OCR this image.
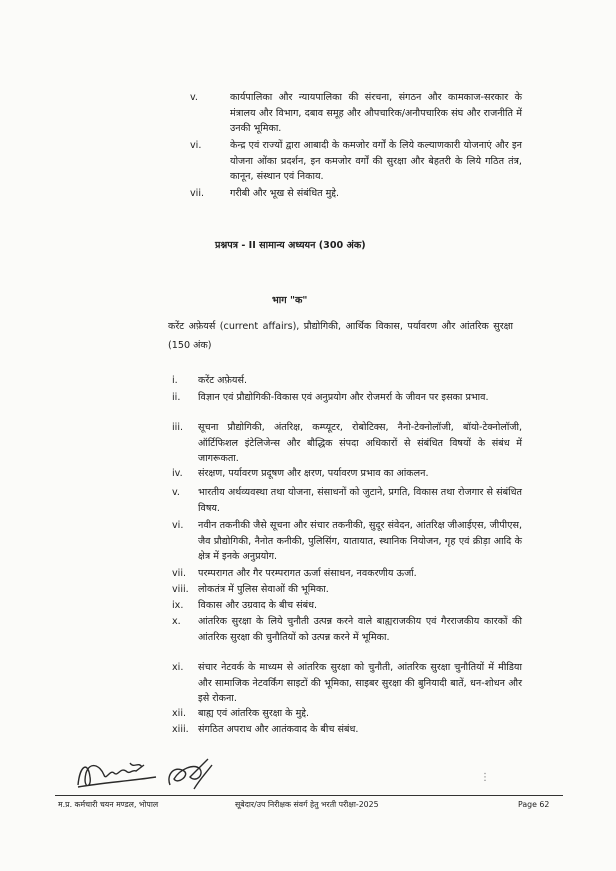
v.	कार्यपालिका और न्यायपालिका की संरचना, संगठन और कामकाज-सरकार के मंत्रालय और विभाग, दबाव समूह और औपचारिक/अनौपचारिक संघ और राजनीति में उनकी भूमिका.
vi.	केन्द्र एवं राज्यों द्वारा आबादी के कमजोर वर्गों के लिये कल्याणकारी योजनाएं और इन योजना ओंका प्रदर्शन, इन कमजोर वर्गों की सुरक्षा और बेहतरी के लिये गठित तंत्र, कानून, संस्थान एवं निकाय.
vii.	गरीबी और भूख से संबंधित मुद्दे.
प्रश्नपत्र - II सामान्य अध्ययन (300 अंक)
भाग "क"
करेंट अफ़ेयर्स (current affairs), प्रौद्योगिकी, आर्थिक विकास, पर्यावरण और आंतरिक सुरक्षा (150 अंक)
i.	करेंट अफ़ेयर्स.
ii.	विज्ञान एवं प्रौद्योगिकी-विकास एवं अनुप्रयोग और रोजमर्रा के जीवन पर इसका प्रभाव.
iii.	सूचना प्रौद्योगिकी, अंतरिक्ष, कम्प्यूटर, रोबोटिक्स, नैनो-टेक्नोलॉजी, बॉयो-टेक्नोलॉजी, ऑर्टिफिशल इंटेलिजेन्स और बौद्धिक संपदा अधिकारों से संबंधित विषयों के संबंध में जागरूकता.
iv.	संरक्षण, पर्यावरण प्रदूषण और क्षरण, पर्यावरण प्रभाव का आंकलन.
v.	भारतीय अर्थव्यवस्था तथा योजना, संसाधनों को जुटाने, प्रगति, विकास तथा रोजगार से संबंधित विषय.
vi.	नवीन तकनीकी जैसे सूचना और संचार तकनीकी, सुदूर संवेदन, आंतरिक्ष जीआईएस, जीपीएस, जैव प्रौद्योगिकी, नैनोत कनीकी, पुलिसिंग, यातायात, स्थानिक नियोजन, गृह एवं क्रीड़ा आदि के क्षेत्र में इनके अनुप्रयोग.
vii.	परम्परागत और गैर परम्परागत ऊर्जा संसाधन, नवकरणीय ऊर्जा.
viii. लोकतंत्र में पुलिस सेवाओं की भूमिका.
ix.	विकास और उग्रवाद के बीच संबंध.
x.	आंतरिक सुरक्षा के लिये चुनौती उत्पन्न करने वाले बाह्यराजकीय एवं गैरराजकीय कारकों की आंतरिक सुरक्षा की चुनौतियों को उत्पन्न करने में भूमिका.
xi.	संचार नेटवर्क के माध्यम से आंतरिक सुरक्षा को चुनौती, आंतरिक सुरक्षा चुनौतियों में मीडिया और सामाजिक नेटवर्किंग साइटों की भूमिका, साइबर सुरक्षा की बुनियादी बातें, धन-शोधन और इसे रोकना.
xii.	बाह्य एवं आंतरिक सुरक्षा के मुद्दे.
xiii. संगठित अपराध और आतंकवाद के बीच संबंध.
⋮
म.प्र. कर्मचारी चयन मण्डल, भोपाल	सूबेदार/उप निरीक्षक संवर्ग हेतु भरती परीक्षा-2025	Page 62
